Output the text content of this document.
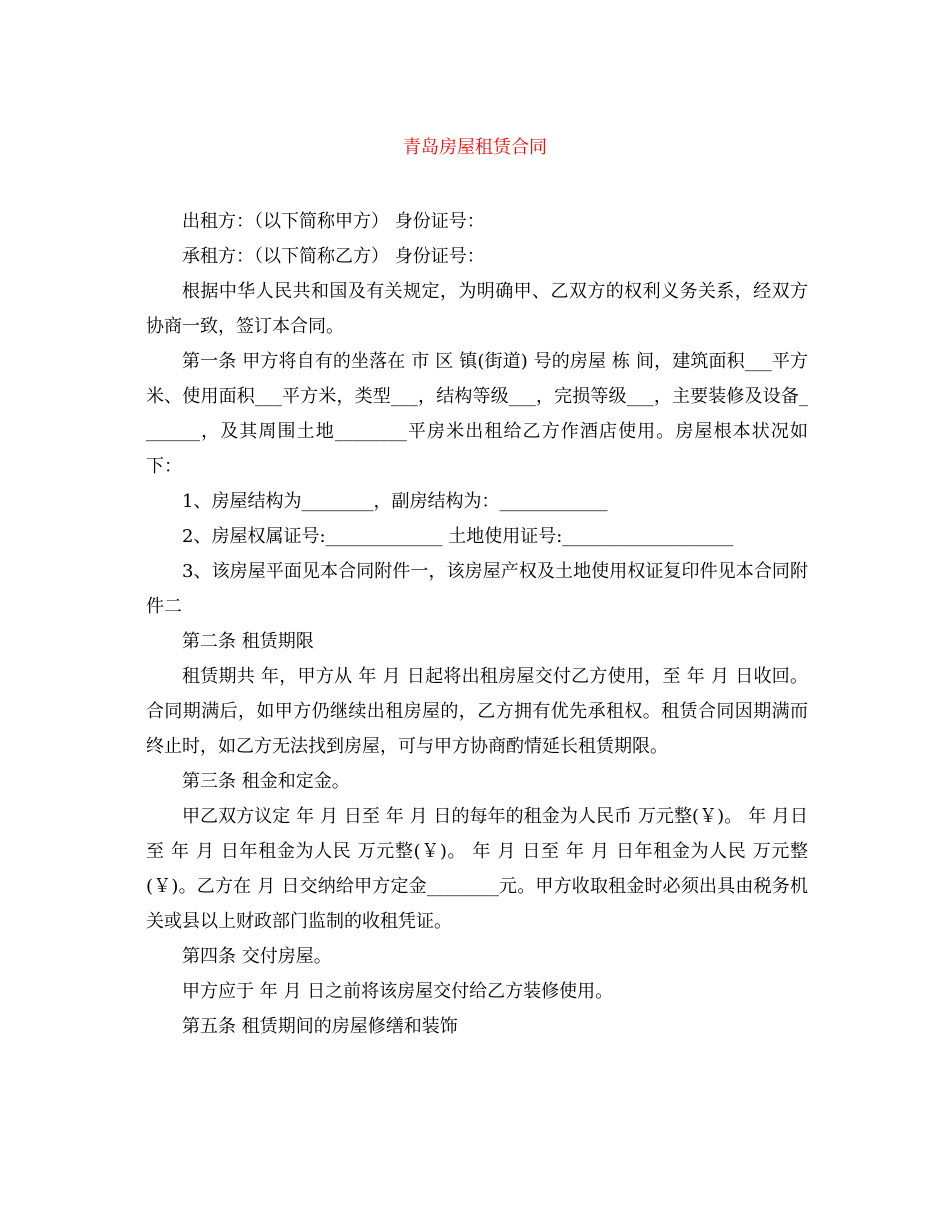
青岛房屋租赁合同

出租方：（以下简称甲方） 身份证号：

承租方：（以下简称乙方） 身份证号：

根据中华人民共和国及有关规定，为明确甲、乙双方的权利义务关系，经双方协商一致，签订本合同。

第一条 甲方将自有的坐落在 市 区 镇(街道) 号的房屋 栋 间，建筑面积___平方米、使用面积___平方米，类型___，结构等级___，完损等级___，主要装修及设备_______，及其周围土地________平房米出租给乙方作酒店使用。房屋根本状况如下：

1、房屋结构为________，副房结构为：____________

2、房屋权属证号:_____________ 土地使用证号:___________________

3、该房屋平面见本合同附件一，该房屋产权及土地使用权证复印件见本合同附件二

第二条 租赁期限

租赁期共 年，甲方从 年 月 日起将出租房屋交付乙方使用，至 年 月 日收回。合同期满后，如甲方仍继续出租房屋的，乙方拥有优先承租权。租赁合同因期满而终止时，如乙方无法找到房屋，可与甲方协商酌情延长租赁期限。

第三条 租金和定金。

甲乙双方议定 年 月 日至 年 月 日的每年的租金为人民币 万元整(￥)。 年 月日至 年 月 日年租金为人民 万元整(￥)。 年 月 日至 年 月 日年租金为人民 万元整(￥)。乙方在 月 日交纳给甲方定金________元。甲方收取租金时必须出具由税务机关或县以上财政部门监制的收租凭证。

第四条 交付房屋。

甲方应于 年 月 日之前将该房屋交付给乙方装修使用。

第五条 租赁期间的房屋修缮和装饰
